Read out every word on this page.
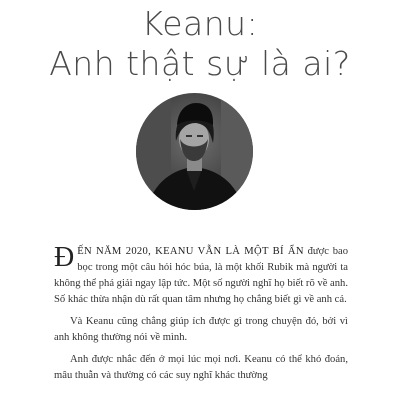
Keanu:
Anh thật sự là ai?

ĐẾN NĂM 2020, KEANU VẪN LÀ MỘT BÍ ẨN được bao bọc trong một câu hỏi hóc búa, là một khối Rubik mà người ta không thể phá giải ngay lập tức. Một số người nghĩ họ biết rõ về anh. Số khác thừa nhận dù rất quan tâm nhưng họ chẳng biết gì về anh cả.

Và Keanu cũng chẳng giúp ích được gì trong chuyện đó, bởi vì anh không thường nói về mình.

Anh được nhắc đến ở mọi lúc mọi nơi. Keanu có thể khó đoán, mâu thuẫn và thường có các suy nghĩ khác thường
